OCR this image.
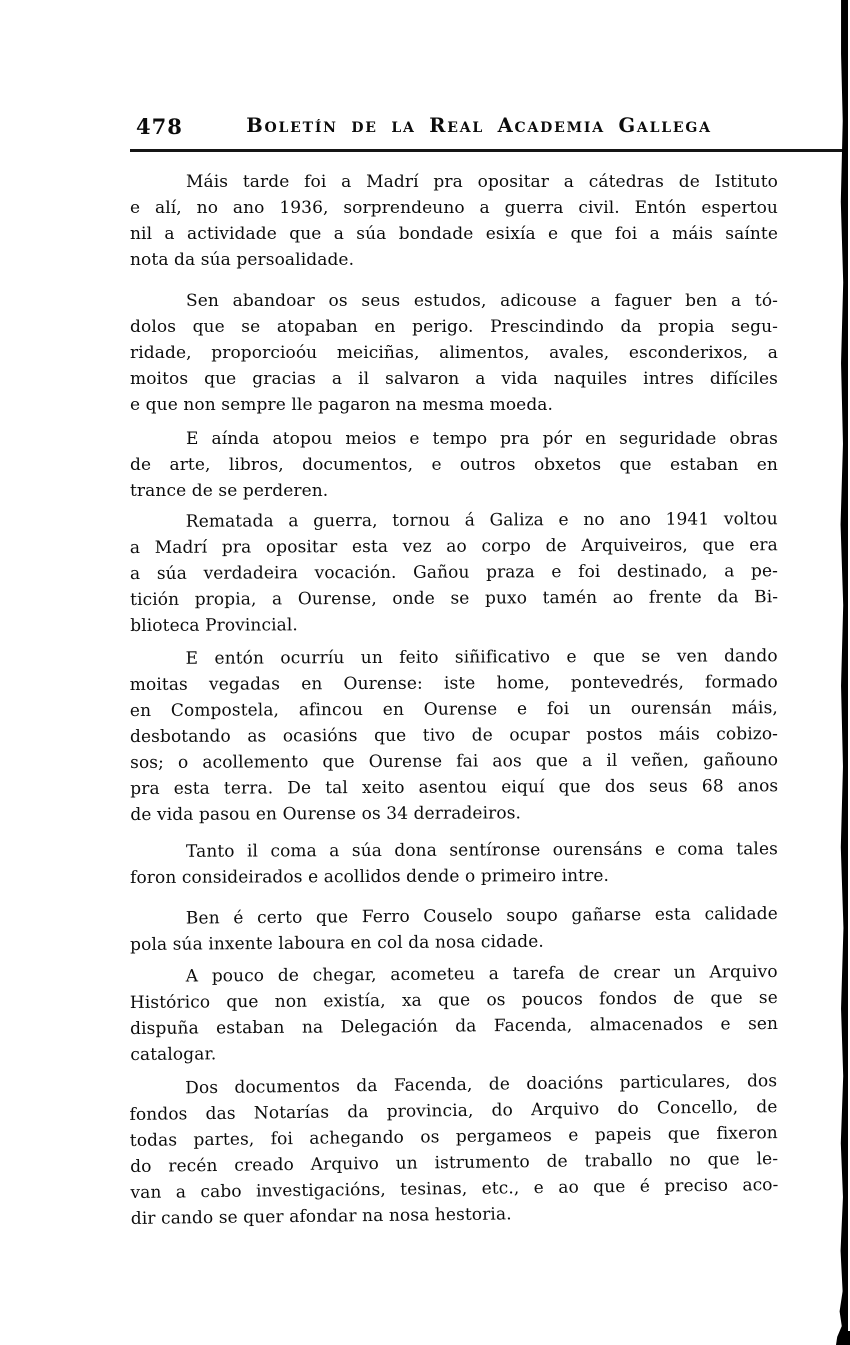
478	Boletín de la Real Academia Gallega

Máis tarde foi a Madrí pra opositar a cátedras de Istituto
e alí, no ano 1936, sorprendeuno a guerra civil. Entón espertou
nil a actividade que a súa bondade esixía e que foi a máis saínte
nota da súa persoalidade.

Sen abandoar os seus estudos, adicouse a faguer ben a tó-
dolos que se atopaban en perigo. Prescindindo da propia segu-
ridade, proporcioóu meiciñas, alimentos, avales, esconderixos, a
moitos que gracias a il salvaron a vida naquiles intres difíciles
e que non sempre lle pagaron na mesma moeda.

E aínda atopou meios e tempo pra pór en seguridade obras
de arte, libros, documentos, e outros obxetos que estaban en
trance de se perderen.

Rematada a guerra, tornou á Galiza e no ano 1941 voltou
a Madrí pra opositar esta vez ao corpo de Arquiveiros, que era
a súa verdadeira vocación. Gañou praza e foi destinado, a pe-
tición propia, a Ourense, onde se puxo tamén ao frente da Bi-
blioteca Provincial.

E entón ocurríu un feito siñificativo e que se ven dando
moitas vegadas en Ourense: iste home, pontevedrés, formado
en Compostela, afincou en Ourense e foi un ourensán máis,
desbotando as ocasións que tivo de ocupar postos máis cobizo-
sos; o acollemento que Ourense fai aos que a il veñen, gañouno
pra esta terra. De tal xeito asentou eiquí que dos seus 68 anos
de vida pasou en Ourense os 34 derradeiros.

Tanto il coma a súa dona sentíronse ourensáns e coma tales
foron consideirados e acollidos dende o primeiro intre.

Ben é certo que Ferro Couselo soupo gañarse esta calidade
pola súa inxente laboura en col da nosa cidade.

A pouco de chegar, acometeu a tarefa de crear un Arquivo
Histórico que non existía, xa que os poucos fondos de que se
dispuña estaban na Delegación da Facenda, almacenados e sen
catalogar.

Dos documentos da Facenda, de doacións particulares, dos
fondos das Notarías da provincia, do Arquivo do Concello, de
todas partes, foi achegando os pergameos e papeis que fixeron
do recén creado Arquivo un istrumento de traballo no que le-
van a cabo investigacións, tesinas, etc., e ao que é preciso aco-
dir cando se quer afondar na nosa hestoria.
